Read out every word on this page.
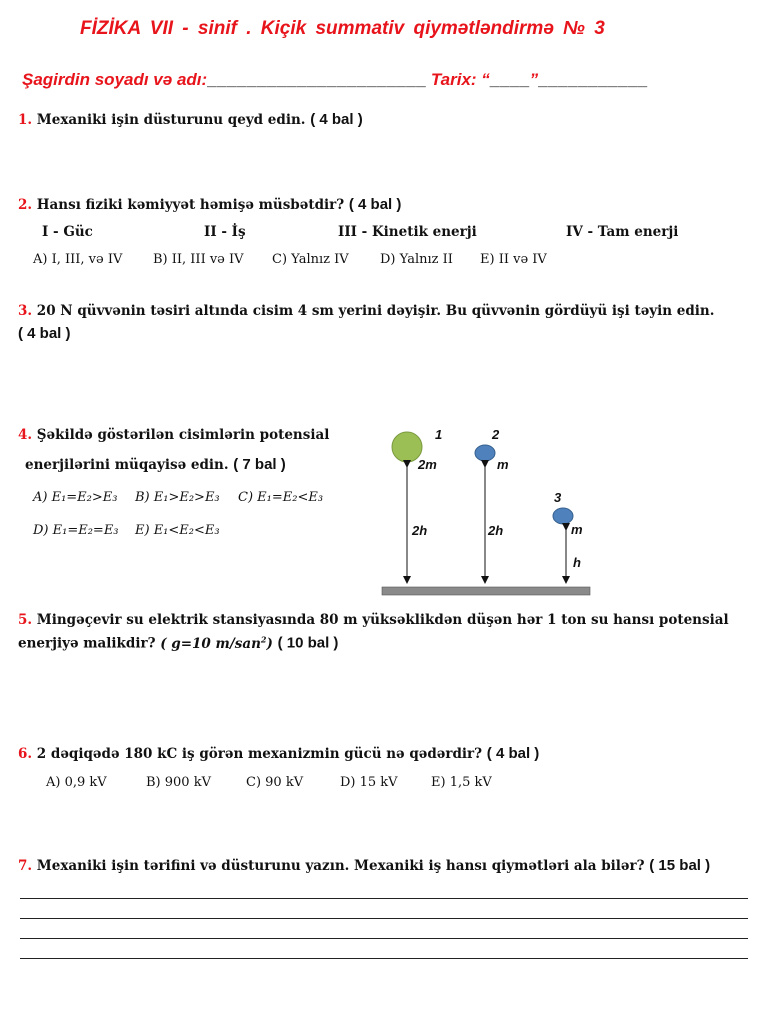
FİZİKA VII - sinif . Kiçik summativ qiymətləndirmə № 3
Şagirdin soyadı və adı:______________________ Tarix: “____”___________
1. Mexaniki işin düsturunu qeyd edin. ( 4 bal )
2. Hansı fiziki kəmiyyət həmişə müsbətdir? ( 4 bal )
I - Güc	II - İş	III - Kinetik enerji	IV - Tam enerji
A) I, III, və IV B) II, III və IV C) Yalnız IV D) Yalnız II E) II və IV
3. 20 N qüvvənin təsiri altında cisim 4 sm yerini dəyişir. Bu qüvvənin gördüyü işi təyin edin.
( 4 bal )
4. Şəkildə göstərilən cisimlərin potensial
enerjilərini müqayisə edin. ( 7 bal )
A) E₁=E₂>E₃ B) E₁>E₂>E₃ C) E₁=E₂<E₃
D) E₁=E₂=E₃ E) E₁<E₂<E₃
1	2
3
2m	m
m
2h	2h
h
5. Mingəçevir su elektrik stansiyasında 80 m yüksəklikdən düşən hər 1 ton su hansı potensial
enerjiyə malikdir? ( g=10 m/san$^2$) ( 10 bal )
6. 2 dəqiqədə 180 kC iş görən mexanizmin gücü nə qədərdir? ( 4 bal )
A) 0,9 kV	B) 900 kV	C) 90 kV	D) 15 kV	E) 1,5 kV
7. Mexaniki işin tərifini və düsturunu yazın. Mexaniki iş hansı qiymətləri ala bilər? ( 15 bal )
